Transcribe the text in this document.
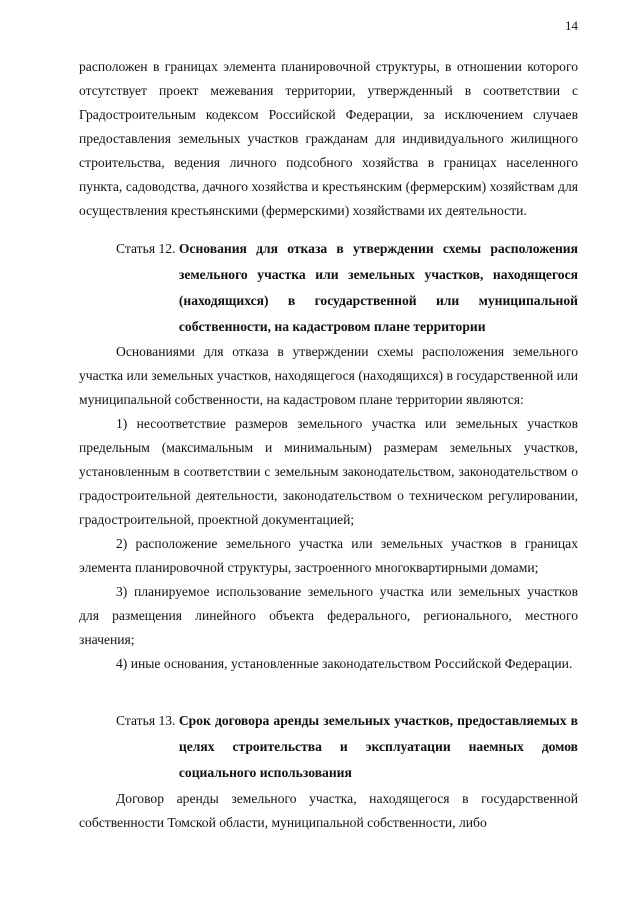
14

расположен в границах элемента планировочной структуры, в отношении которого отсутствует проект межевания территории, утвержденный в соответствии с Градостроительным кодексом Российской Федерации, за исключением случаев предоставления земельных участков гражданам для индивидуального жилищного строительства, ведения личного подсобного хозяйства в границах населенного пункта, садоводства, дачного хозяйства и крестьянским (фермерским) хозяйствам для осуществления крестьянскими (фермерскими) хозяйствами их деятельности.

Статья 12. Основания для отказа в утверждении схемы расположения земельного участка или земельных участков, находящегося (находящихся) в государственной или муниципальной собственности, на кадастровом плане территории

Основаниями для отказа в утверждении схемы расположения земельного участка или земельных участков, находящегося (находящихся) в государственной или муниципальной собственности, на кадастровом плане территории являются:

1) несоответствие размеров земельного участка или земельных участков предельным (максимальным и минимальным) размерам земельных участков, установленным в соответствии с земельным законодательством, законодательством о градостроительной деятельности, законодательством о техническом регулировании, градостроительной, проектной документацией;

2) расположение земельного участка или земельных участков в границах элемента планировочной структуры, застроенного многоквартирными домами;

3) планируемое использование земельного участка или земельных участков для размещения линейного объекта федерального, регионального, местного значения;

4) иные основания, установленные законодательством Российской Федерации.

Статья 13. Срок договора аренды земельных участков, предоставляемых в целях строительства и эксплуатации наемных домов социального использования

Договор аренды земельного участка, находящегося в государственной собственности Томской области, муниципальной собственности, либо
